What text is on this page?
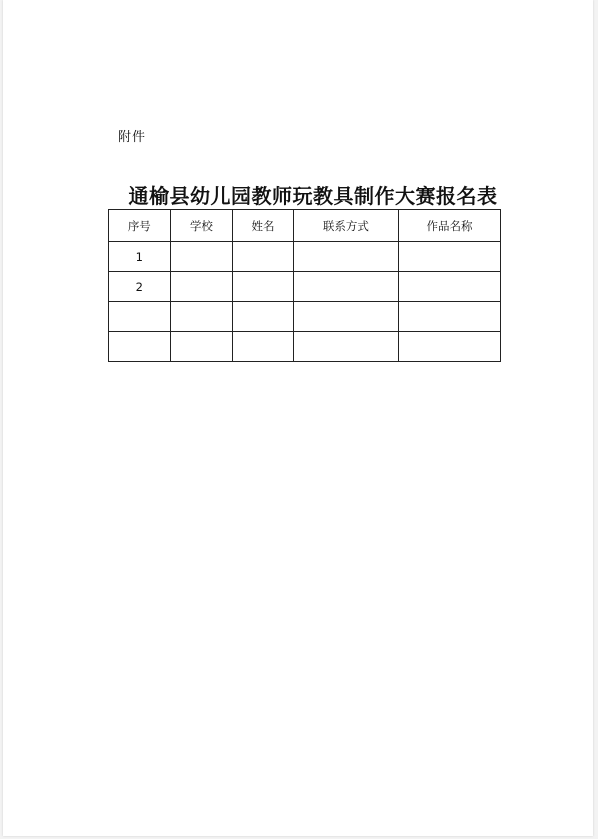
附件
通榆县幼儿园教师玩教具制作大赛报名表
序号	学校	姓名	联系方式	作品名称
1				
2				
